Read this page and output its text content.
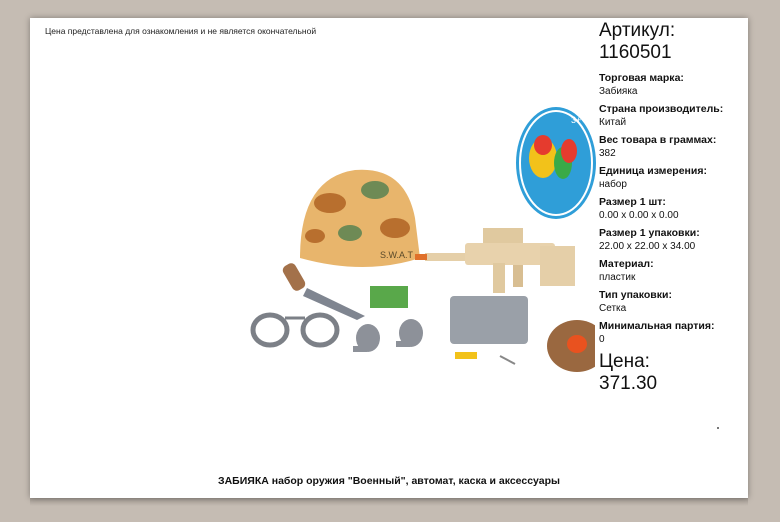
Цена представлена для ознакомления и не является окончательной
S.W.A.T
3+
Артикул:
1160501
Торговая марка:
Забияка
Страна производитель:
Китай
Вес товара в граммах:
382
Единица измерения:
набор
Размер 1 шт:
0.00 x 0.00 x 0.00
Размер 1 упаковки:
22.00 x 22.00 x 34.00
Материал:
пластик
Тип упаковки:
Сетка
Минимальная партия:
0
Цена:
371.30
ЗАБИЯКА набор оружия "Военный", автомат, каска и аксессуары
